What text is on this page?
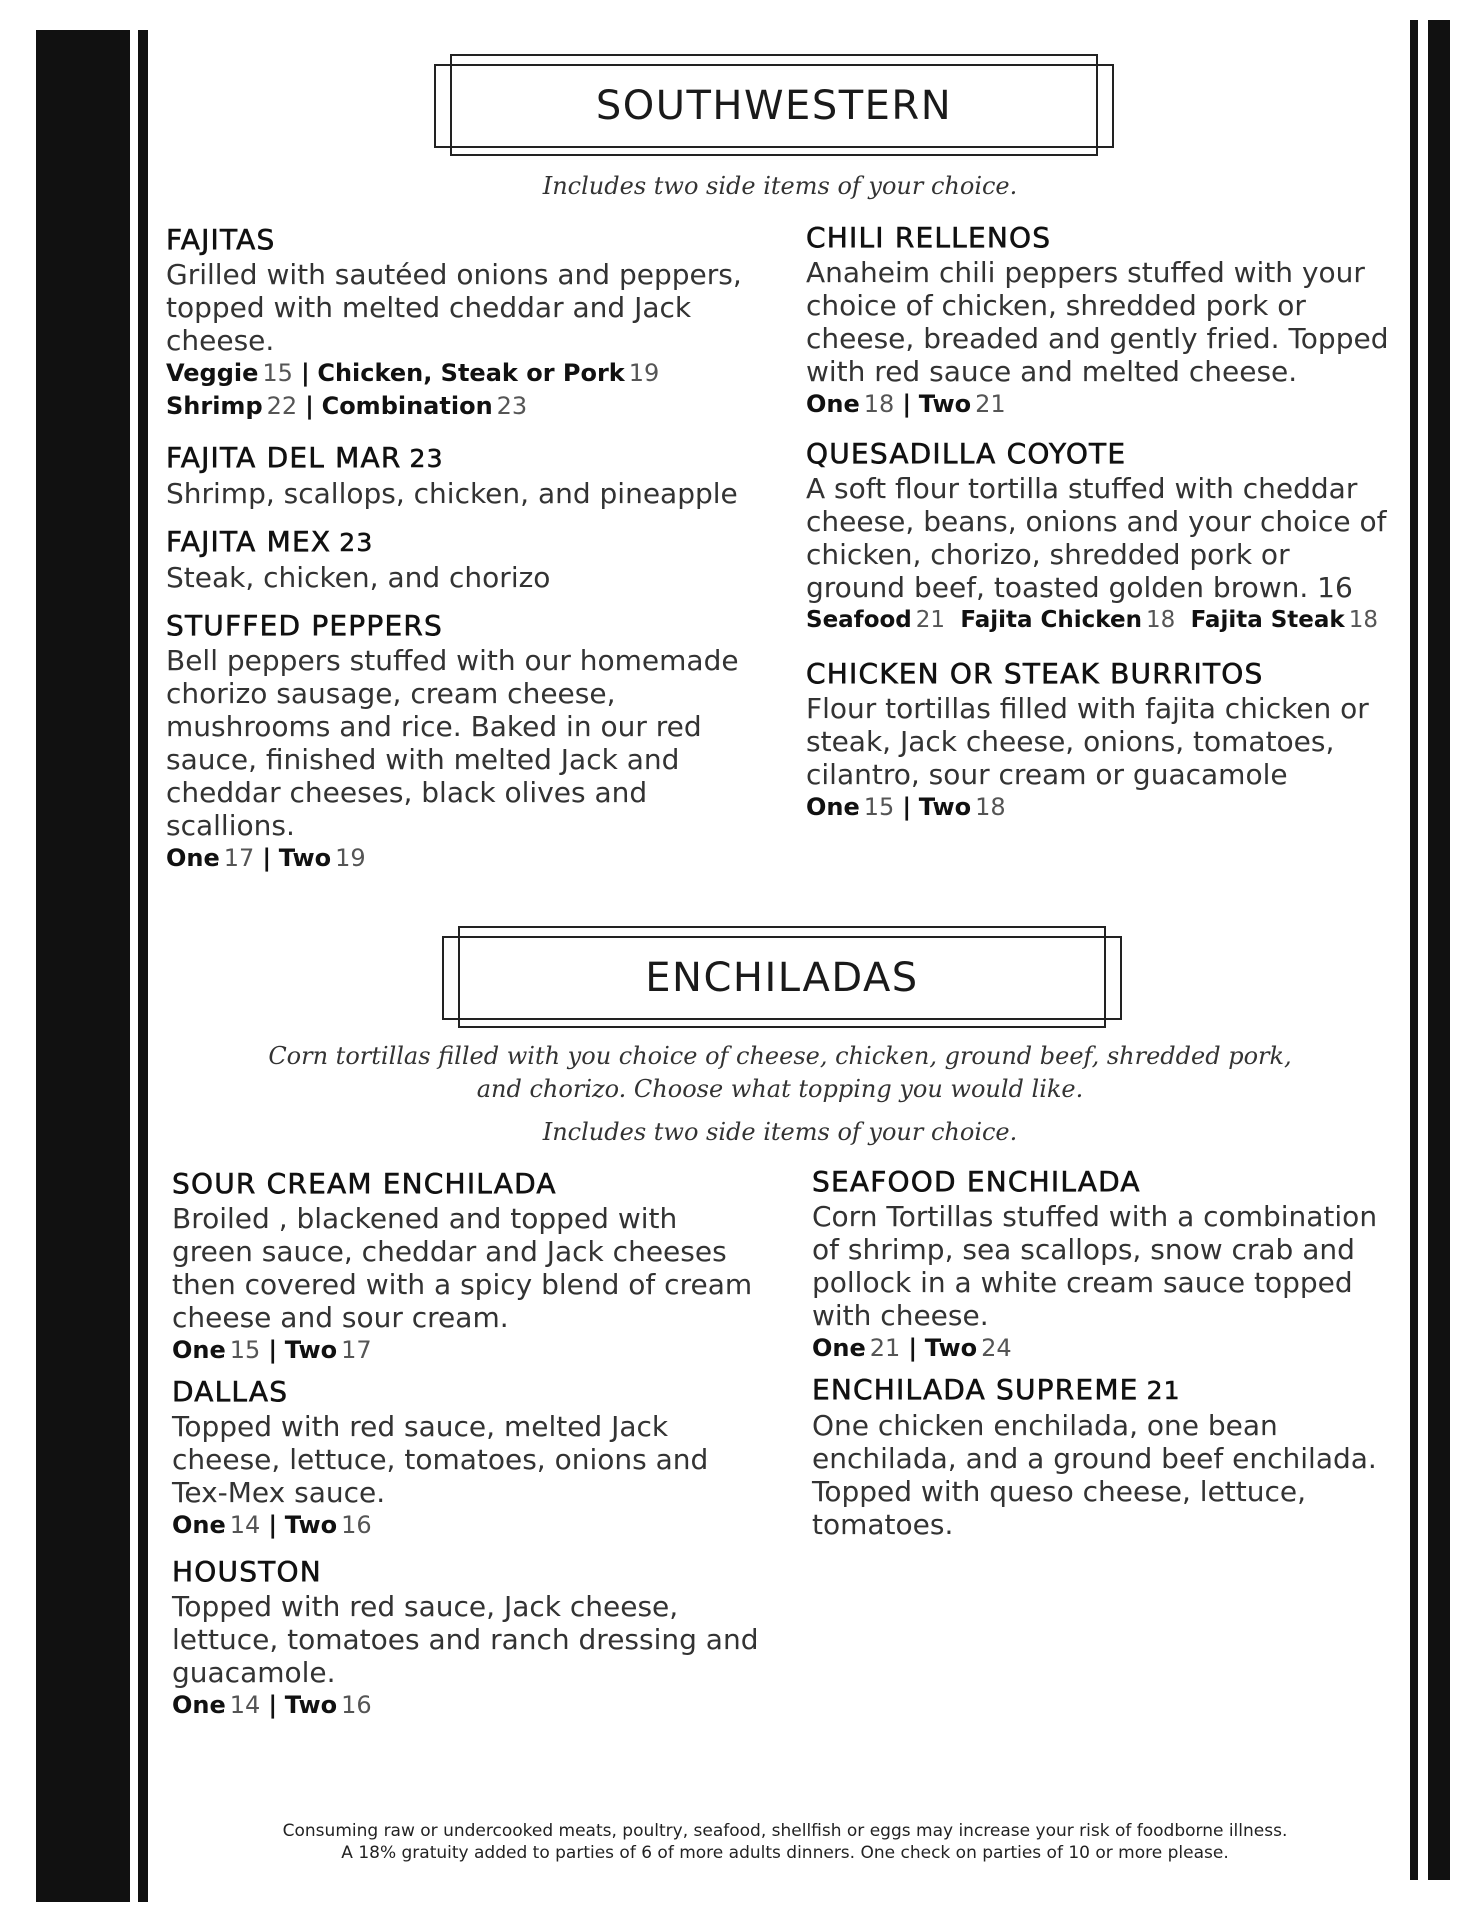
SOUTHWESTERN
Includes two side items of your choice.
FAJITAS

Grilled with sautéed onions and peppers, topped with melted cheddar and Jack cheese.

Veggie 15 | Chicken, Steak or Pork 19
Shrimp 22 | Combination 23
FAJITA DEL MAR 23

Shrimp, scallops, chicken, and pineapple

FAJITA MEX 23

Steak, chicken, and chorizo

STUFFED PEPPERS

Bell peppers stuffed with our homemade chorizo sausage, cream cheese, mushrooms and rice. Baked in our red sauce, finished with melted Jack and cheddar cheeses, black olives and scallions.

One 17 | Two 19
CHILI RELLENOS

Anaheim chili peppers stuffed with your choice of chicken, shredded pork or cheese, breaded and gently fried. Topped with red sauce and melted cheese.

One 18 | Two 21
QUESADILLA COYOTE

A soft flour tortilla stuffed with cheddar cheese, beans, onions and your choice of chicken, chorizo, shredded pork or ground beef, toasted golden brown. 16

Seafood 21 Fajita Chicken 18 Fajita Steak 18
CHICKEN OR STEAK BURRITOS

Flour tortillas filled with fajita chicken or steak, Jack cheese, onions, tomatoes, cilantro, sour cream or guacamole

One 15 | Two 18
ENCHILADAS
Corn tortillas filled with you choice of cheese, chicken, ground beef, shredded pork, and chorizo. Choose what topping you would like.
Includes two side items of your choice.
SOUR CREAM ENCHILADA

Broiled , blackened and topped with green sauce, cheddar and Jack cheeses then covered with a spicy blend of cream cheese and sour cream.

One 15 | Two 17
DALLAS

Topped with red sauce, melted Jack cheese, lettuce, tomatoes, onions and Tex-Mex sauce.

One 14 | Two 16
HOUSTON

Topped with red sauce, Jack cheese, lettuce, tomatoes and ranch dressing and guacamole.

One 14 | Two 16
SEAFOOD ENCHILADA

Corn Tortillas stuffed with a combination of shrimp, sea scallops, snow crab and pollock in a white cream sauce topped with cheese.

One 21 | Two 24
ENCHILADA SUPREME 21

One chicken enchilada, one bean enchilada, and a ground beef enchilada. Topped with queso cheese, lettuce, tomatoes.

Consuming raw or undercooked meats, poultry, seafood, shellfish or eggs may increase your risk of foodborne illness.
A 18% gratuity added to parties of 6 of more adults dinners. One check on parties of 10 or more please.
